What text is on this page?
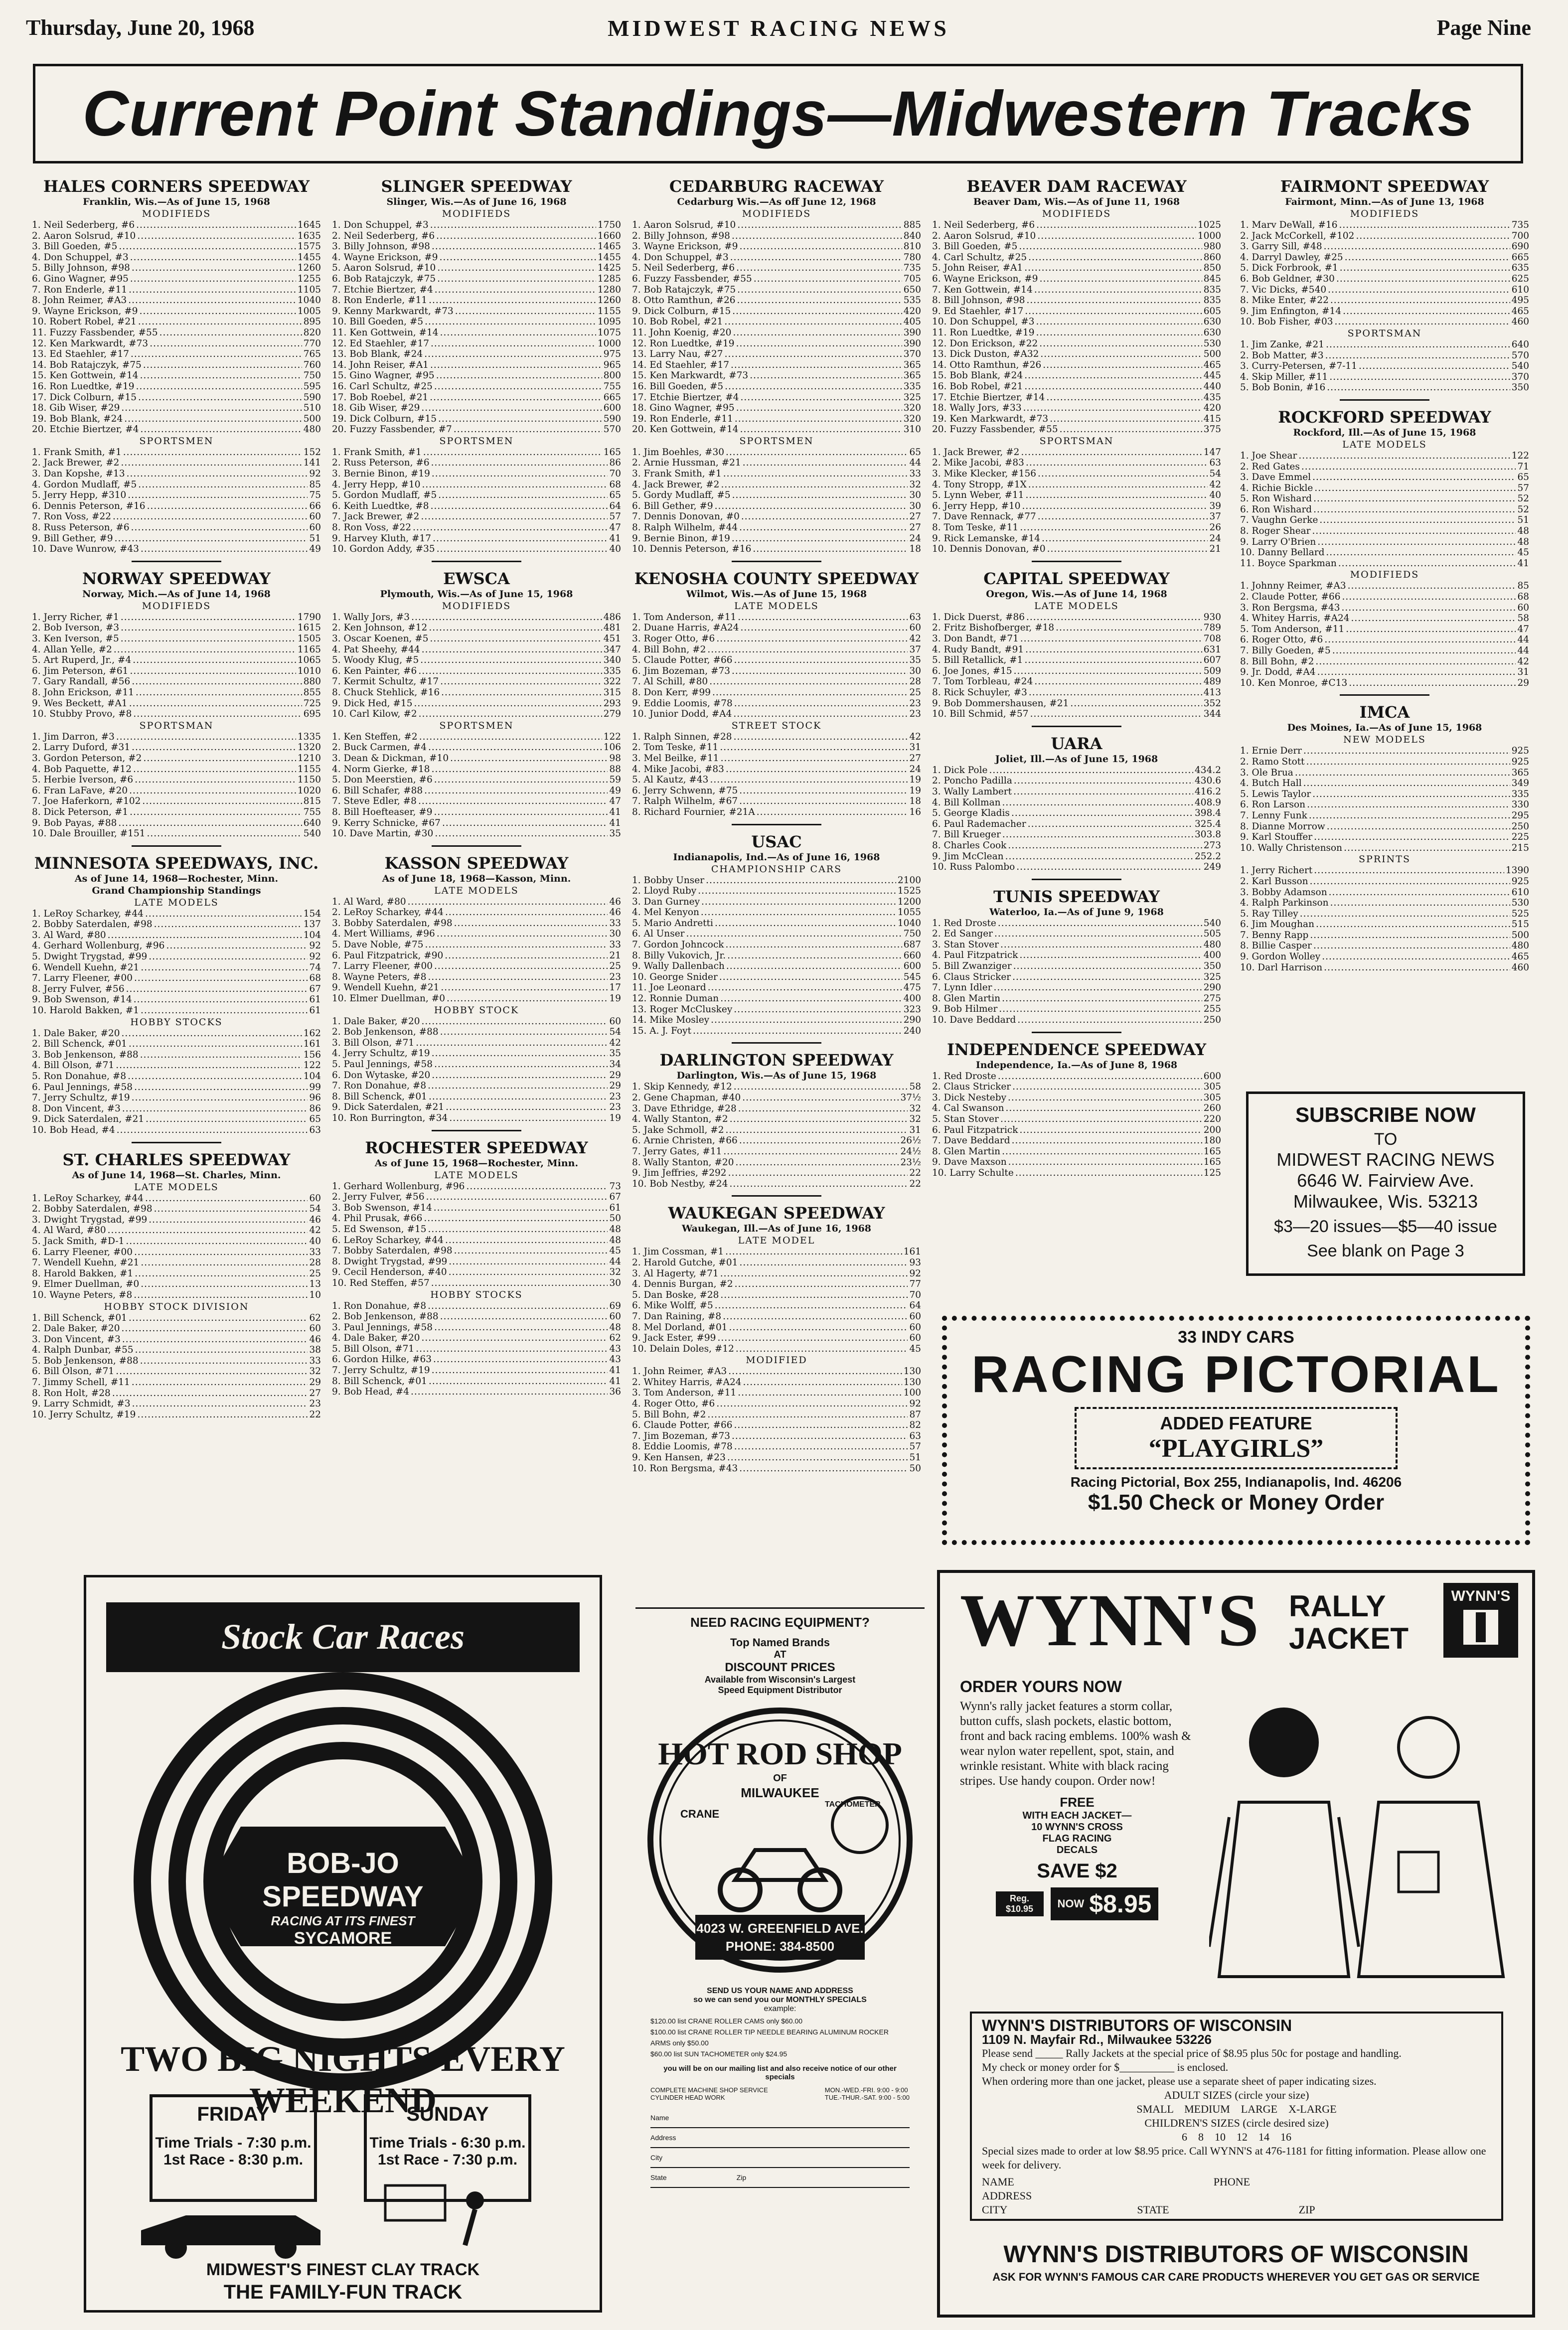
Thursday, June 20, 1968	MIDWEST RACING NEWS	Page Nine
Current Point Standings—Midwestern Tracks
HALES CORNERS SPEEDWAY
Franklin, Wis.—As of June 15, 1968
MODIFIEDS
1. Neil Sederberg, #6 .....	1645
2. Aaron Solsrud, #10 .....	1635
3. Bill Goeden, #5 .....	1575
4. Don Schuppel, #3 .....	1455
5. Billy Johnson, #98 .....	1260
6. Gino Wagner, #95 .....	1255
7. Ron Enderle, #11 .....	1105
8. John Reimer, #A3 .....	1040
9. Wayne Erickson, #9 .....	1005
10. Robert Robel, #21 .....	895
11. Fuzzy Fassbender, #55 .....	820
12. Ken Markwardt, #73 .....	770
13. Ed Staehler, #17 .....	765
14. Bob Ratajczyk, #75 .....	760
15. Ken Gottwein, #14 .....	750
16. Ron Luedtke, #19 .....	595
17. Dick Colburn, #15 .....	590
18. Gib Wiser, #29 .....	510
19. Bob Blank, #24 .....	500
20. Etchie Biertzer, #4 .....	480
SPORTSMEN
1. Frank Smith, #1 .....	152
2. Jack Brewer, #2 .....	141
3. Dan Kopshe, #13 .....	92
4. Gordon Mudlaff, #5 .....	85
5. Jerry Hepp, #310 .....	75
6. Dennis Peterson, #16 .....	66
7. Ron Voss, #22 .....	60
8. Russ Peterson, #6 .....	60
9. Bill Gether, #9 .....	51
10. Dave Wunrow, #43 .....	49
NORWAY SPEEDWAY
Norway, Mich.—As of June 14, 1968
MODIFIEDS
1. Jerry Richer, #1 .....	1790
2. Bob Iverson, #3 .....	1615
3. Ken Iverson, #5 .....	1505
4. Allan Yelle, #2 .....	1165
5. Art Ruperd, Jr., #4 .....	1065
6. Jim Peterson, #61 .....	1010
7. Gary Randall, #56 .....	880
8. John Erickson, #11 .....	855
9. Wes Beckett, #A1 .....	725
10. Stubby Provo, #8 .....	695
SPORTSMAN
1. Jim Darron, #3 .....	1335
2. Larry Duford, #31 .....	1320
3. Gordon Peterson, #2 .....	1210
4. Bob Paquette, #12 .....	1155
5. Herbie Iverson, #6 .....	1150
6. Fran LaFave, #20 .....	1020
7. Joe Haferkorn, #102 .....	815
8. Dick Peterson, #1 .....	755
9. Bob Payas, #88 .....	640
10. Dale Brouiller, #151 .....	540
MINNESOTA SPEEDWAYS, INC.
As of June 14, 1968—Rochester, Minn.
Grand Championship Standings
LATE MODELS
1. LeRoy Scharkey, #44 .....	154
2. Bobby Saterdalen, #98 .....	137
3. Al Ward, #80 .....	104
4. Gerhard Wollenburg, #96 .....	92
5. Dwight Trygstad, #99 .....	92
6. Wendell Kuehn, #21 .....	74
7. Larry Fleener, #00 .....	68
8. Jerry Fulver, #56 .....	67
9. Bob Swenson, #14 .....	61
10. Harold Bakken, #1 .....	61
HOBBY STOCKS
1. Dale Baker, #20 .....	162
2. Bill Schenck, #01 .....	161
3. Bob Jenkenson, #88 .....	156
4. Bill Olson, #71 .....	122
5. Ron Donahue, #8 .....	104
6. Paul Jennings, #58 .....	99
7. Jerry Schultz, #19 .....	96
8. Don Vincent, #3 .....	86
9. Dick Saterdalen, #21 .....	65
10. Bob Head, #4 .....	63
ST. CHARLES SPEEDWAY
As of June 14, 1968—St. Charles, Minn.
LATE MODELS
1. LeRoy Scharkey, #44 .....	60
2. Bobby Saterdalen, #98 .....	54
3. Dwight Trygstad, #99 .....	46
4. Al Ward, #80 .....	42
5. Jack Smith, #D-1 .....	40
6. Larry Fleener, #00 .....	33
7. Wendell Kuehn, #21 .....	28
8. Harold Bakken, #1 .....	25
9. Elmer Duellman, #0 .....	13
10. Wayne Peters, #8 .....	10
HOBBY STOCK DIVISION
1. Bill Schenck, #01 .....	62
2. Dale Baker, #20 .....	60
3. Don Vincent, #3 .....	46
4. Ralph Dunbar, #55 .....	38
5. Bob Jenkenson, #88 .....	33
6. Bill Olson, #71 .....	32
7. Jimmy Schell, #11 .....	29
8. Ron Holt, #28 .....	27
9. Larry Schmidt, #3 .....	23
10. Jerry Schultz, #19 .....	22
SLINGER SPEEDWAY
Slinger, Wis.—As of June 16, 1968
MODIFIEDS
1. Don Schuppel, #3 .....	1750
2. Neil Sederberg, #6 .....	1660
3. Billy Johnson, #98 .....	1465
4. Wayne Erickson, #9 .....	1455
5. Aaron Solsrud, #10 .....	1425
6. Bob Ratajczyk, #75 .....	1285
7. Etchie Biertzer, #4 .....	1280
8. Ron Enderle, #11 .....	1260
9. Kenny Markwardt, #73 .....	1155
10. Bill Goeden, #5 .....	1095
11. Ken Gottwein, #14 .....	1075
12. Ed Staehler, #17 .....	1000
13. Bob Blank, #24 .....	975
14. John Reiser, #A1 .....	965
15. Gino Wagner, #95 .....	800
16. Carl Schultz, #25 .....	755
17. Bob Roebel, #21 .....	665
18. Gib Wiser, #29 .....	600
19. Dick Colburn, #15 .....	590
20. Fuzzy Fassbender, #7 .....	570
SPORTSMEN
1. Frank Smith, #1 .....	165
2. Russ Peterson, #6 .....	86
3. Bernie Binon, #19 .....	70
4. Jerry Hepp, #10 .....	68
5. Gordon Mudlaff, #5 .....	65
6. Keith Luedtke, #8 .....	64
7. Jack Brewer, #2 .....	57
8. Ron Voss, #22 .....	47
9. Harvey Kluth, #17 .....	41
10. Gordon Addy, #35 .....	40
EWSCA
Plymouth, Wis.—As of June 15, 1968
MODIFIEDS
1. Wally Jors, #3 .....	486
2. Ken Johnson, #12 .....	481
3. Oscar Koenen, #5 .....	451
4. Pat Sheehy, #44 .....	347
5. Woody Klug, #5 .....	340
6. Ken Painter, #6 .....	335
7. Kermit Schultz, #17 .....	322
8. Chuck Stehlick, #16 .....	315
9. Dick Hed, #15 .....	293
10. Carl Kilow, #2 .....	279
SPORTSMEN
1. Ken Steffen, #2 .....	122
2. Buck Carmen, #4 .....	106
3. Dean & Dickman, #10 .....	98
4. Norm Gierke, #18 .....	88
5. Don Meerstien, #6 .....	59
6. Bill Schafer, #88 .....	49
7. Steve Edler, #8 .....	47
8. Bill Hoefteaser, #9 .....	41
9. Kerry Schnicke, #67 .....	41
10. Dave Martin, #30 .....	35
KASSON SPEEDWAY
As of June 18, 1968—Kasson, Minn.
LATE MODELS
1. Al Ward, #80 .....	46
2. LeRoy Scharkey, #44 .....	46
3. Bobby Saterdalen, #98 .....	33
4. Mert Williams, #96 .....	30
5. Dave Noble, #75 .....	33
6. Paul Fitzpatrick, #90 .....	21
7. Larry Fleener, #00 .....	25
8. Wayne Peters, #8 .....	23
9. Wendell Kuehn, #21 .....	17
10. Elmer Duellman, #0 .....	19
HOBBY STOCK
1. Dale Baker, #20 .....	60
2. Bob Jenkenson, #88 .....	54
3. Bill Olson, #71 .....	42
4. Jerry Schultz, #19 .....	35
5. Paul Jennings, #58 .....	34
6. Don Wytaske, #20 .....	29
7. Ron Donahue, #8 .....	29
8. Bill Schenck, #01 .....	23
9. Dick Saterdalen, #21 .....	23
10. Ron Burrington, #34 .....	19
ROCHESTER SPEEDWAY
As of June 15, 1968—Rochester, Minn.
LATE MODELS
1. Gerhard Wollenburg, #96 .....	73
2. Jerry Fulver, #56 .....	67
3. Bob Swenson, #14 .....	61
4. Phil Prusak, #66 .....	50
5. Ed Swenson, #15 .....	48
6. LeRoy Scharkey, #44 .....	48
7. Bobby Saterdalen, #98 .....	45
8. Dwight Trygstad, #99 .....	44
9. Cecil Henderson, #40 .....	32
10. Red Steffen, #57 .....	30
HOBBY STOCKS
1. Ron Donahue, #8 .....	69
2. Bob Jenkenson, #88 .....	60
3. Paul Jennings, #58 .....	48
4. Dale Baker, #20 .....	62
5. Bill Olson, #71 .....	43
6. Gordon Hilke, #63 .....	43
7. Jerry Schultz, #19 .....	41
8. Bill Schenck, #01 .....	41
9. Bob Head, #4 .....	36
CEDARBURG RACEWAY
Cedarburg Wis.—As off June 12, 1968
MODIFIEDS
1. Aaron Solsrud, #10 .....	885
2. Billy Johnson, #98 .....	840
3. Wayne Erickson, #9 .....	810
4. Don Schuppel, #3 .....	780
5. Neil Sederberg, #6 .....	735
6. Fuzzy Fassbender, #55 .....	705
7. Bob Ratajczyk, #75 .....	650
8. Otto Ramthun, #26 .....	535
9. Dick Colburn, #15 .....	420
10. Bob Robel, #21 .....	405
11. John Koenig, #20 .....	390
12. Ron Luedtke, #19 .....	390
13. Larry Nau, #27 .....	370
14. Ed Staehler, #17 .....	365
15. Ken Markwardt, #73 .....	365
16. Bill Goeden, #5 .....	335
17. Etchie Biertzer, #4 .....	325
18. Gino Wagner, #95 .....	320
19. Ron Enderle, #11 .....	320
20. Ken Gottwein, #14 .....	310
SPORTSMEN
1. Jim Boehles, #30 .....	65
2. Arnie Hussman, #21 .....	44
3. Frank Smith, #1 .....	33
4. Jack Brewer, #2 .....	32
5. Gordy Mudlaff, #5 .....	30
6. Bill Gether, #9 .....	30
7. Dennis Donovan, #0 .....	27
8. Ralph Wilhelm, #44 .....	27
9. Bernie Binon, #19 .....	24
10. Dennis Peterson, #16 .....	18
KENOSHA COUNTY SPEEDWAY
Wilmot, Wis.—As of June 15, 1968
LATE MODELS
1. Tom Anderson, #11 .....	63
2. Duane Harris, #A24 .....	60
3. Roger Otto, #6 .....	42
4. Bill Bohn, #2 .....	37
5. Claude Potter, #66 .....	35
6. Jim Bozeman, #73 .....	30
7. Al Schill, #80 .....	28
8. Don Kerr, #99 .....	25
9. Eddie Loomis, #78 .....	23
10. Junior Dodd, #A4 .....	23
STREET STOCK
1. Ralph Sinnen, #28 .....	42
2. Tom Teske, #11 .....	31
3. Mel Beilke, #11 .....	27
4. Mike Jacobi, #83 .....	24
5. Al Kautz, #43 .....	19
6. Jerry Schwenn, #75 .....	19
7. Ralph Wilhelm, #67 .....	18
8. Richard Fournier, #21A .....	16
USAC
Indianapolis, Ind.—As of June 16, 1968
CHAMPIONSHIP CARS
1. Bobby Unser .....	2100
2. Lloyd Ruby .....	1525
3. Dan Gurney .....	1200
4. Mel Kenyon .....	1055
5. Mario Andretti .....	1040
6. Al Unser .....	750
7. Gordon Johncock .....	687
8. Billy Vukovich, Jr. .....	660
9. Wally Dallenbach .....	600
10. George Snider .....	545
11. Joe Leonard .....	475
12. Ronnie Duman .....	400
13. Roger McCluskey .....	323
14. Mike Mosley .....	290
15. A. J. Foyt .....	240
DARLINGTON SPEEDWAY
Darlington, Wis.—As of June 15, 1968
1. Skip Kennedy, #12 .....	58
2. Gene Chapman, #40 .....	37½
3. Dave Ethridge, #28 .....	32
4. Wally Stanton, #2 .....	32
5. Jake Schmoll, #2 .....	31
6. Arnie Christen, #66 .....	26½
7. Jerry Gates, #11 .....	24½
8. Wally Stanton, #20 .....	23½
9. Jim Jeffries, #292 .....	22
10. Bob Nestby, #24 .....	22
WAUKEGAN SPEEDWAY
Waukegan, Ill.—As of June 16, 1968
LATE MODEL
1. Jim Cossman, #1 .....	161
2. Harold Gutche, #01 .....	93
3. Al Hagerty, #71 .....	92
4. Dennis Burgan, #2 .....	77
5. Dan Boske, #28 .....	70
6. Mike Wolff, #5 .....	64
7. Dan Raining, #8 .....	60
8. Mel Dorland, #01 .....	60
9. Jack Ester, #99 .....	60
10. Delain Doles, #12 .....	45
MODIFIED
1. John Reimer, #A3 .....	130
2. Whitey Harris, #A24 .....	130
3. Tom Anderson, #11 .....	100
4. Roger Otto, #6 .....	92
5. Bill Bohn, #2 .....	87
6. Claude Potter, #66 .....	82
7. Jim Bozeman, #73 .....	63
8. Eddie Loomis, #78 .....	57
9. Ken Hansen, #23 .....	51
10. Ron Bergsma, #43 .....	50
BEAVER DAM RACEWAY
Beaver Dam, Wis.—As of June 11, 1968
MODIFIEDS
1. Neil Sederberg, #6 .....	1025
2. Aaron Solsrud, #10 .....	1000
3. Bill Goeden, #5 .....	980
4. Carl Schultz, #25 .....	860
5. John Reiser, #A1 .....	850
6. Wayne Erickson, #9 .....	845
7. Ken Gottwein, #14 .....	835
8. Bill Johnson, #98 .....	835
9. Ed Staehler, #17 .....	605
10. Don Schuppel, #3 .....	630
11. Ron Luedtke, #19 .....	630
12. Don Erickson, #22 .....	530
13. Dick Duston, #A32 .....	500
14. Otto Ramthun, #26 .....	465
15. Bob Blank, #24 .....	445
16. Bob Robel, #21 .....	440
17. Etchie Biertzer, #14 .....	435
18. Wally Jors, #33 .....	420
19. Ken Markwardt, #73 .....	415
20. Fuzzy Fassbender, #55 .....	375
SPORTSMAN
1. Jack Brewer, #2 .....	147
2. Mike Jacobi, #83 .....	63
3. Mike Klecker, #156 .....	54
4. Tony Stropp, #1X .....	42
5. Lynn Weber, #11 .....	40
6. Jerry Hepp, #10 .....	39
7. Dave Rennack, #77 .....	37
8. Tom Teske, #11 .....	26
9. Rick Lemanske, #14 .....	24
10. Dennis Donovan, #0 .....	21
CAPITAL SPEEDWAY
Oregon, Wis.—As of June 14, 1968
LATE MODELS
1. Dick Duerst, #86 .....	930
2. Fritz Bishofberger, #18 .....	789
3. Don Bandt, #71 .....	708
4. Rudy Bandt, #91 .....	631
5. Bill Retallick, #1 .....	607
6. Joe Jones, #15 .....	509
7. Tom Torbleau, #24 .....	489
8. Rick Schuyler, #3 .....	413
9. Bob Dommershausen, #21 .....	352
10. Bill Schmid, #57 .....	344
UARA
Joliet, Ill.—As of June 15, 1968
1. Dick Pole .....	434.2
2. Poncho Padilla .....	430.6
3. Wally Lambert .....	416.2
4. Bill Kollman .....	408.9
5. George Kladis .....	398.4
6. Paul Rademacher .....	325.4
7. Bill Krueger .....	303.8
8. Charles Cook .....	273
9. Jim McClean .....	252.2
10. Russ Palombo .....	249
TUNIS SPEEDWAY
Waterloo, Ia.—As of June 9, 1968
1. Red Droste .....	540
2. Ed Sanger .....	505
3. Stan Stover .....	480
4. Paul Fitzpatrick .....	400
5. Bill Zwanziger .....	350
6. Claus Stricker .....	325
7. Lynn Idler .....	290
8. Glen Martin .....	275
9. Bob Hilmer .....	255
10. Dave Beddard .....	250
INDEPENDENCE SPEEDWAY
Independence, Ia.—As of June 8, 1968
1. Red Droste .....	600
2. Claus Stricker .....	305
3. Dick Nesteby .....	305
4. Cal Swanson .....	260
5. Stan Stover .....	220
6. Paul Fitzpatrick .....	200
7. Dave Beddard .....	180
8. Glen Martin .....	165
9. Dave Maxson .....	165
10. Larry Schulte .....	125
FAIRMONT SPEEDWAY
Fairmont, Minn.—As of June 13, 1968
MODIFIEDS
1. Marv DeWall, #16 .....	735
2. Jack McCorkell, #102 .....	700
3. Garry Sill, #48 .....	690
4. Darryl Dawley, #25 .....	665
5. Dick Forbrook, #1 .....	635
6. Bob Geldner, #30 .....	625
7. Vic Dicks, #540 .....	610
8. Mike Enter, #22 .....	495
9. Jim Enfington, #14 .....	465
10. Bob Fisher, #03 .....	460
SPORTSMAN
1. Jim Zanke, #21 .....	640
2. Bob Matter, #3 .....	570
3. Curry-Petersen, #7-11 .....	540
4. Skip Miller, #11 .....	370
5. Bob Bonin, #16 .....	350
ROCKFORD SPEEDWAY
Rockford, Ill.—As of June 15, 1968
LATE MODELS
1. Joe Shear .....	122
2. Red Gates .....	71
3. Dave Emmel .....	65
4. Richie Bickle .....	57
5. Ron Wishard .....	52
6. Ron Wishard .....	52
7. Vaughn Gerke .....	51
8. Roger Shear .....	48
9. Larry O'Brien .....	48
10. Danny Bellard .....	45
11. Boyce Sparkman .....	41
MODIFIEDS
1. Johnny Reimer, #A3 .....	85
2. Claude Potter, #66 .....	68
3. Ron Bergsma, #43 .....	60
4. Whitey Harris, #A24 .....	58
5. Tom Anderson, #11 .....	47
6. Roger Otto, #6 .....	44
7. Billy Goeden, #5 .....	44
8. Bill Bohn, #2 .....	42
9. Jr. Dodd, #A4 .....	31
10. Ken Monroe, #C13 .....	29
IMCA
Des Moines, Ia.—As of June 15, 1968
NEW MODELS
1. Ernie Derr .....	925
2. Ramo Stott .....	925
3. Ole Brua .....	365
4. Butch Hall .....	349
5. Lewis Taylor .....	335
6. Ron Larson .....	330
7. Lenny Funk .....	295
8. Dianne Morrow .....	250
9. Karl Stouffer .....	225
10. Wally Christenson .....	215
SPRINTS
1. Jerry Richert .....	1390
2. Karl Busson .....	925
3. Bobby Adamson .....	610
4. Ralph Parkinson .....	530
5. Ray Tilley .....	525
6. Jim Moughan .....	515
7. Benny Rapp .....	500
8. Billie Casper .....	480
9. Gordon Wolley .....	465
10. Darl Harrison .....	460
SUBSCRIBE NOW
TO
MIDWEST RACING NEWS
6646 W. Fairview Ave.
Milwaukee, Wis. 53213
$3—20 issues—$5—40 issue
See blank on Page 3
33 INDY CARS
RACING PICTORIAL
ADDED FEATURE
“PLAYGIRLS”
Racing Pictorial, Box 255, Indianapolis, Ind. 46206
$1.50 Check or Money Order
Stock Car Races
BOB-JO SPEEDWAY
RACING AT ITS FINEST
SYCAMORE
EAST ON HWY 64
TWO BIG NIGHTS EVERY WEEKEND
FRIDAY
Time Trials - 7:30 p.m.
1st Race - 8:30 p.m.
SUNDAY
Time Trials - 6:30 p.m.
1st Race - 7:30 p.m.
MIDWEST'S FINEST CLAY TRACK
THE FAMILY-FUN TRACK
NEED RACING EQUIPMENT?
Top Named Brands
AT
DISCOUNT PRICES
Available from Wisconsin's Largest
Speed Equipment Distributor
HOT ROD SHOP
OF
MILWAUKEE
CRANE
TACHOMETER
4023 W. GREENFIELD AVE.
PHONE: 384-8500
SEND US YOUR NAME AND ADDRESS
so we can send you our MONTHLY SPECIALS
example:
$120.00 list CRANE ROLLER CAMS only $60.00
$100.00 list CRANE ROLLER TIP NEEDLE BEARING ALUMINUM ROCKER ARMS only $50.00
$60.00 list SUN TACHOMETER only $24.95
you will be on our mailing list and also receive notice of our other specials
COMPLETE MACHINE SHOP SERVICE
CYLINDER HEAD WORK
MON.-WED.-FRI. 9:00 - 9:00
TUE.-THUR.-SAT. 9:00 - 5:00
Name
Address
City
State	Zip
WYNN'S RALLY
JACKET
WYNN'S
ORDER YOURS NOW
Wynn's rally jacket features a storm collar, button cuffs, slash pockets, elastic bottom, front and back racing emblems. 100% wash & wear nylon water repellent, spot, stain, and wrinkle resistant. White with black racing stripes. Use handy coupon. Order now!
FREE
WITH EACH JACKET—
10 WYNN'S CROSS
FLAG RACING
DECALS
SAVE $2
Reg. $10.95	NOW $8.95
WYNN'S DISTRIBUTORS OF WISCONSIN
1109 N. Mayfair Rd., Milwaukee 53226
Please send _____ Rally Jackets at the special price of $8.95 plus 50c for postage and handling.
My check or money order for $__________ is enclosed.
When ordering more than one jacket, please use a separate sheet of paper indicating sizes.
ADULT SIZES (circle your size)
SMALL    MEDIUM    LARGE    X-LARGE
CHILDREN'S SIZES (circle desired size)
6    8    10    12    14    16
Special sizes made to order at low $8.95 price. Call WYNN'S at 476-1181 for fitting information. Please allow one week for delivery.
NAME	PHONE
ADDRESS
CITY	STATE	ZIP
WYNN'S DISTRIBUTORS OF WISCONSIN
ASK FOR WYNN'S FAMOUS CAR CARE PRODUCTS WHEREVER YOU GET GAS OR SERVICE
